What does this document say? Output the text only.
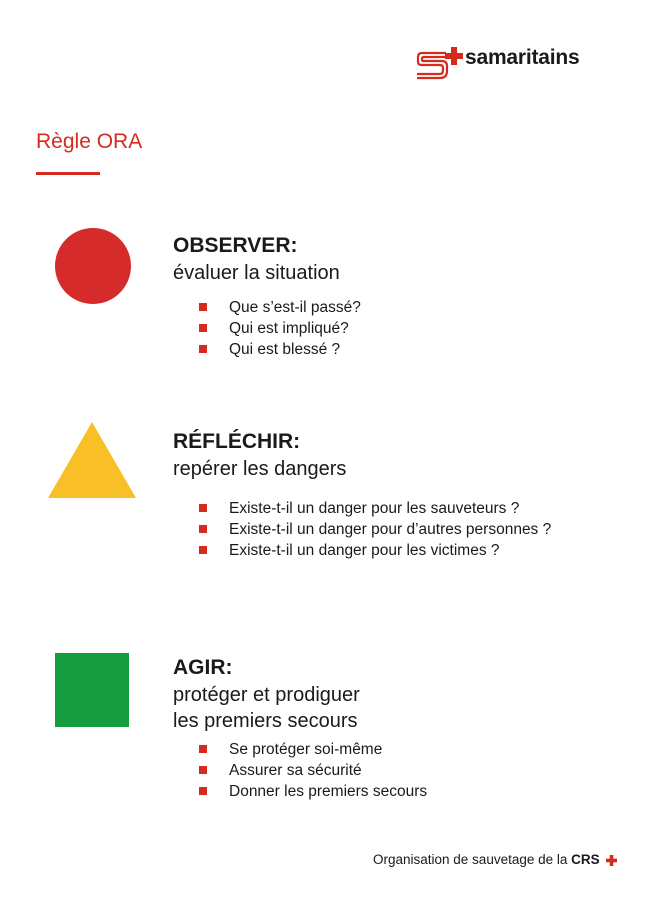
samaritains
Règle ORA
OBSERVER:
évaluer la situation
Que s’est-il passé?
Qui est impliqué?
Qui est blessé ?
RÉFLÉCHIR:
repérer les dangers
Existe-t-il un danger pour les sauveteurs ?
Existe-t-il un danger pour d’autres personnes ?
Existe-t-il un danger pour les victimes ?
AGIR:
protéger et prodiguer
les premiers secours
Se protéger soi-même
Assurer sa sécurité
Donner les premiers secours
Organisation de sauvetage de la CRS
